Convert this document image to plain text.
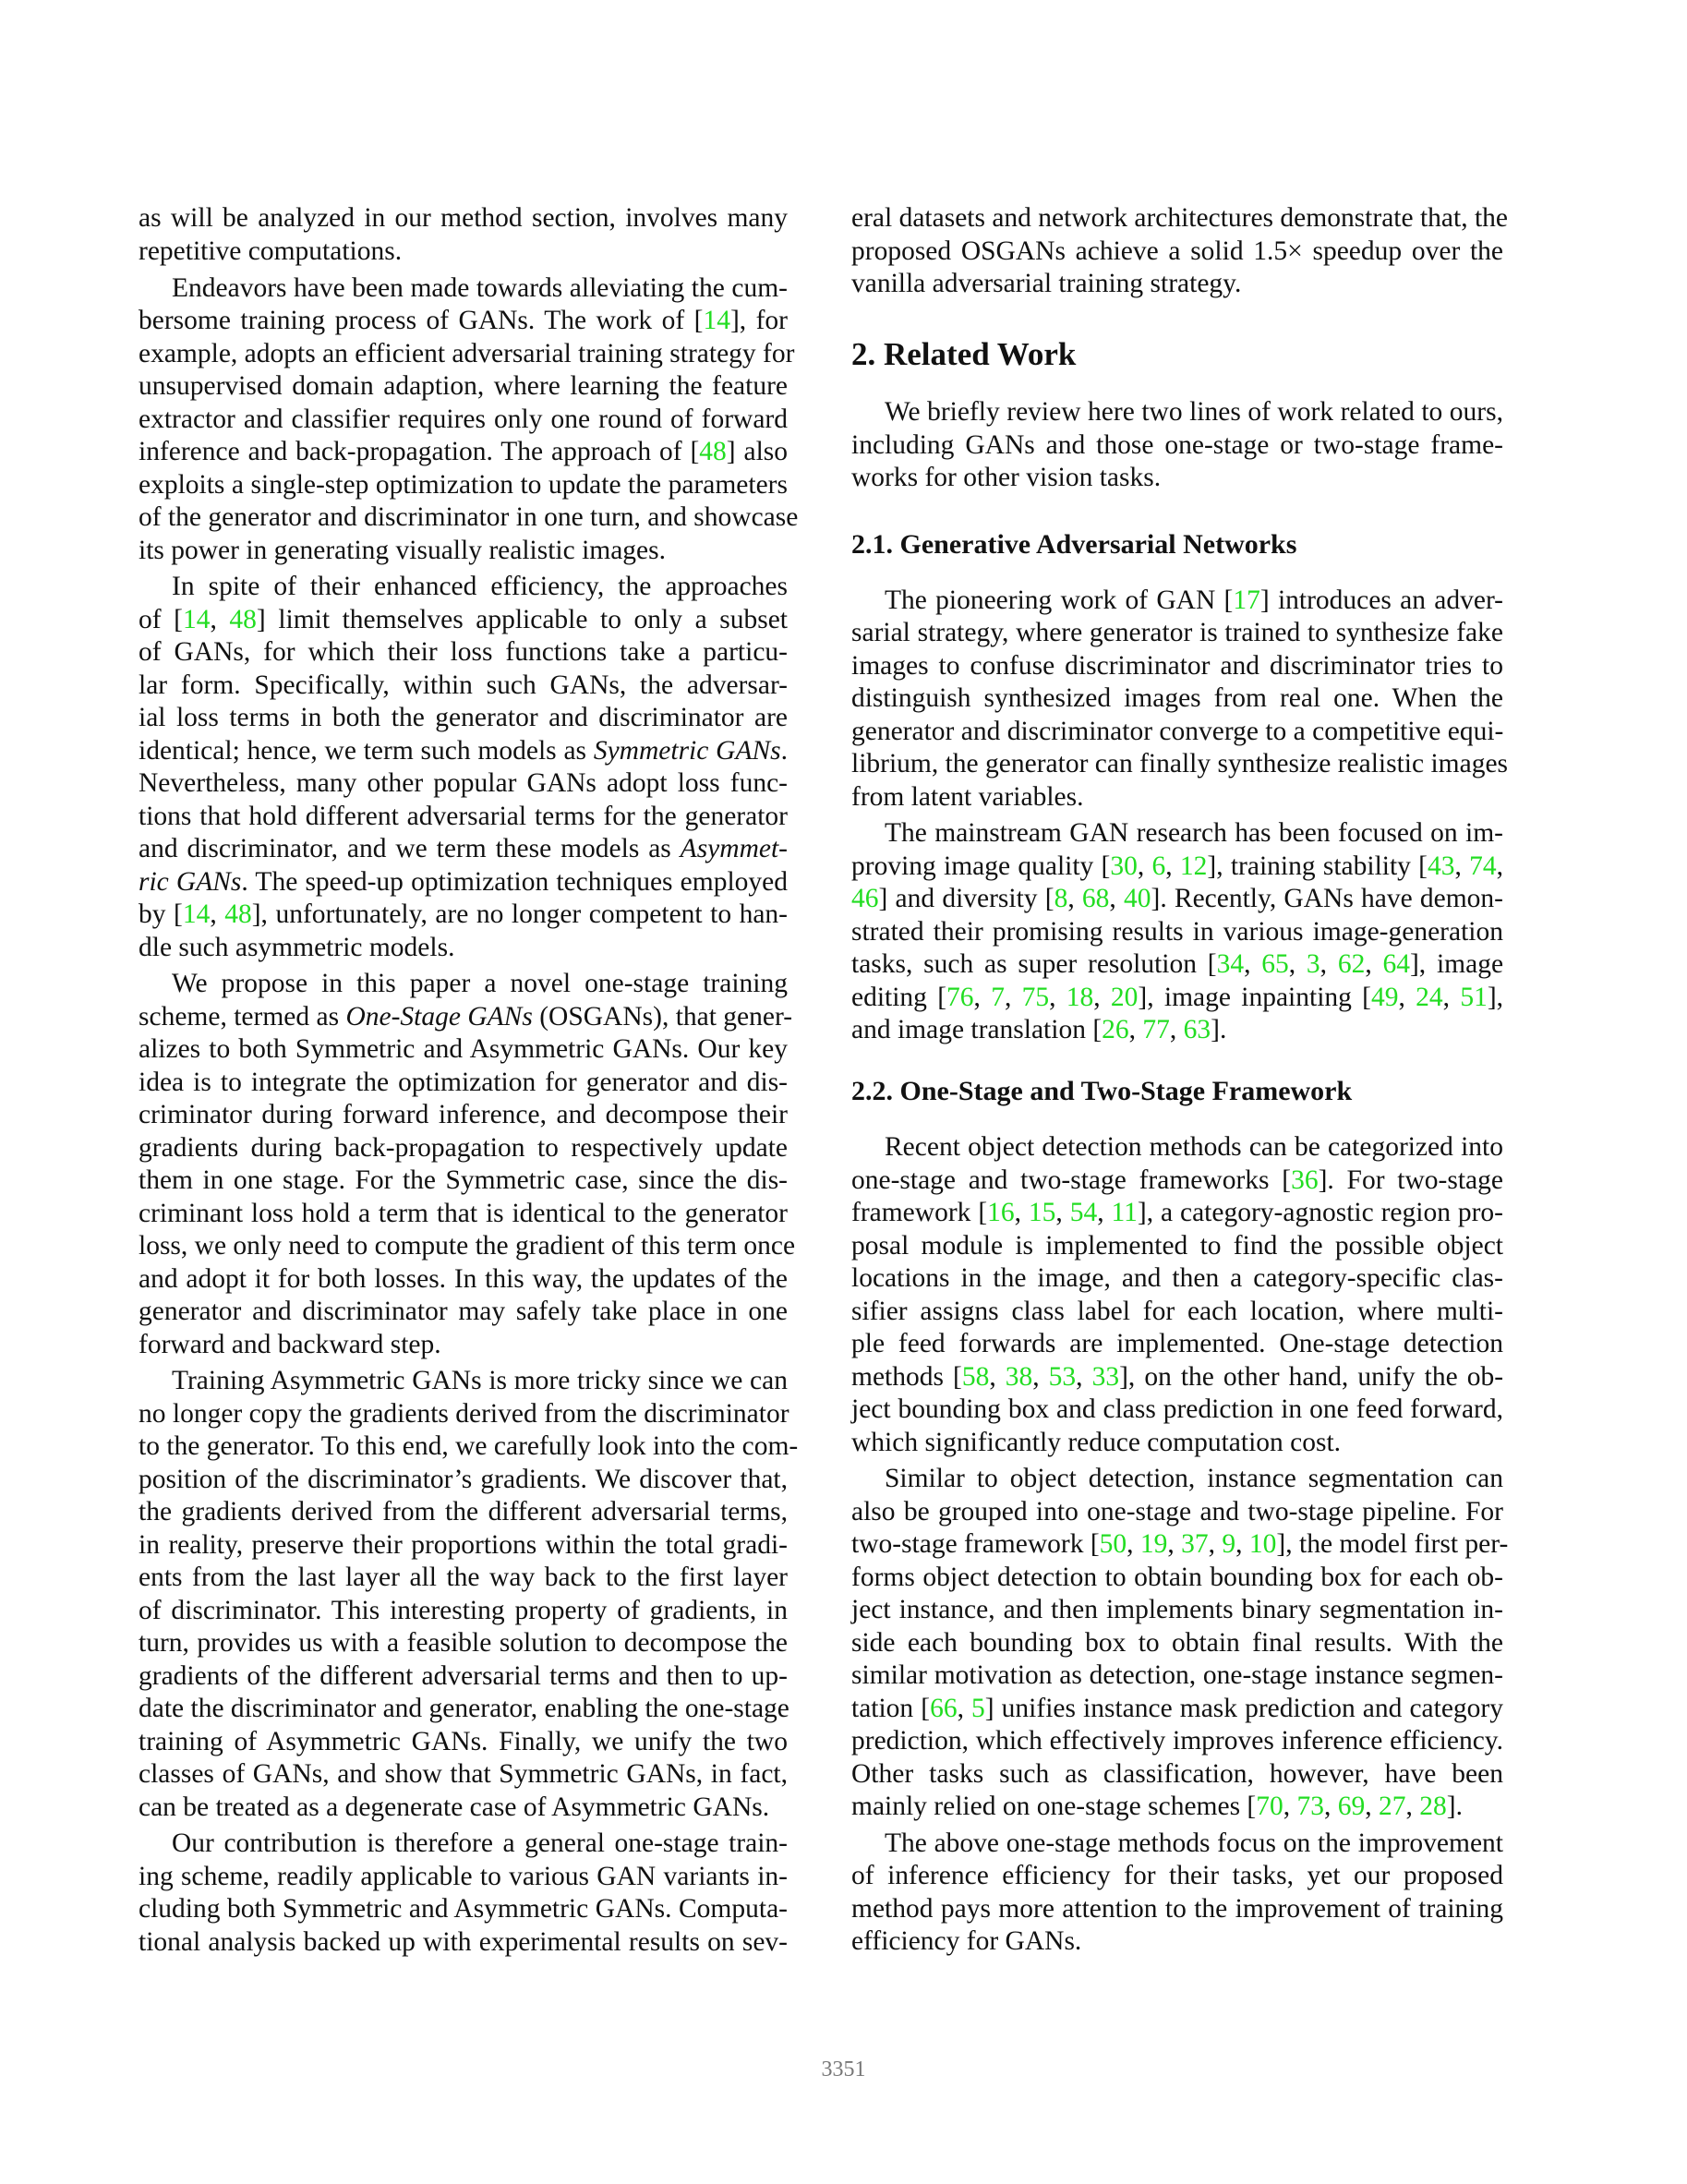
as will be analyzed in our method section, involves many
repetitive computations.
Endeavors have been made towards alleviating the cum-
bersome training process of GANs. The work of [14], for
example, adopts an efficient adversarial training strategy for
unsupervised domain adaption, where learning the feature
extractor and classifier requires only one round of forward
inference and back-propagation. The approach of [48] also
exploits a single-step optimization to update the parameters
of the generator and discriminator in one turn, and showcase
its power in generating visually realistic images.
In spite of their enhanced efficiency, the approaches
of [14, 48] limit themselves applicable to only a subset
of GANs, for which their loss functions take a particu-
lar form. Specifically, within such GANs, the adversar-
ial loss terms in both the generator and discriminator are
identical; hence, we term such models as Symmetric GANs.
Nevertheless, many other popular GANs adopt loss func-
tions that hold different adversarial terms for the generator
and discriminator, and we term these models as Asymmet-
ric GANs. The speed-up optimization techniques employed
by [14, 48], unfortunately, are no longer competent to han-
dle such asymmetric models.
We propose in this paper a novel one-stage training
scheme, termed as One-Stage GANs (OSGANs), that gener-
alizes to both Symmetric and Asymmetric GANs. Our key
idea is to integrate the optimization for generator and dis-
criminator during forward inference, and decompose their
gradients during back-propagation to respectively update
them in one stage. For the Symmetric case, since the dis-
criminant loss hold a term that is identical to the generator
loss, we only need to compute the gradient of this term once
and adopt it for both losses. In this way, the updates of the
generator and discriminator may safely take place in one
forward and backward step.
Training Asymmetric GANs is more tricky since we can
no longer copy the gradients derived from the discriminator
to the generator. To this end, we carefully look into the com-
position of the discriminator’s gradients. We discover that,
the gradients derived from the different adversarial terms,
in reality, preserve their proportions within the total gradi-
ents from the last layer all the way back to the first layer
of discriminator. This interesting property of gradients, in
turn, provides us with a feasible solution to decompose the
gradients of the different adversarial terms and then to up-
date the discriminator and generator, enabling the one-stage
training of Asymmetric GANs. Finally, we unify the two
classes of GANs, and show that Symmetric GANs, in fact,
can be treated as a degenerate case of Asymmetric GANs.
Our contribution is therefore a general one-stage train-
ing scheme, readily applicable to various GAN variants in-
cluding both Symmetric and Asymmetric GANs. Computa-
tional analysis backed up with experimental results on sev-
eral datasets and network architectures demonstrate that, the
proposed OSGANs achieve a solid 1.5× speedup over the
vanilla adversarial training strategy.
We briefly review here two lines of work related to ours,
including GANs and those one-stage or two-stage frame-
works for other vision tasks.
The pioneering work of GAN [17] introduces an adver-
sarial strategy, where generator is trained to synthesize fake
images to confuse discriminator and discriminator tries to
distinguish synthesized images from real one. When the
generator and discriminator converge to a competitive equi-
librium, the generator can finally synthesize realistic images
from latent variables.
The mainstream GAN research has been focused on im-
proving image quality [30, 6, 12], training stability [43, 74,
46] and diversity [8, 68, 40]. Recently, GANs have demon-
strated their promising results in various image-generation
tasks, such as super resolution [34, 65, 3, 62, 64], image
editing [76, 7, 75, 18, 20], image inpainting [49, 24, 51],
and image translation [26, 77, 63].
Recent object detection methods can be categorized into
one-stage and two-stage frameworks [36]. For two-stage
framework [16, 15, 54, 11], a category-agnostic region pro-
posal module is implemented to find the possible object
locations in the image, and then a category-specific clas-
sifier assigns class label for each location, where multi-
ple feed forwards are implemented. One-stage detection
methods [58, 38, 53, 33], on the other hand, unify the ob-
ject bounding box and class prediction in one feed forward,
which significantly reduce computation cost.
Similar to object detection, instance segmentation can
also be grouped into one-stage and two-stage pipeline. For
two-stage framework [50, 19, 37, 9, 10], the model first per-
forms object detection to obtain bounding box for each ob-
ject instance, and then implements binary segmentation in-
side each bounding box to obtain final results. With the
similar motivation as detection, one-stage instance segmen-
tation [66, 5] unifies instance mask prediction and category
prediction, which effectively improves inference efficiency.
Other tasks such as classification, however, have been
mainly relied on one-stage schemes [70, 73, 69, 27, 28].
The above one-stage methods focus on the improvement
of inference efficiency for their tasks, yet our proposed
method pays more attention to the improvement of training
efficiency for GANs.
2. Related Work
2.1. Generative Adversarial Networks
2.2. One-Stage and Two-Stage Framework
3351
